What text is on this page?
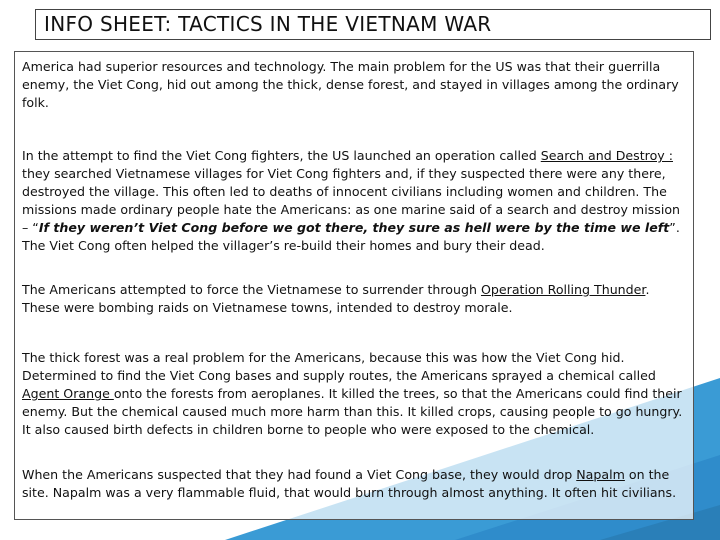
INFO SHEET: TACTICS IN THE VIETNAM WAR

America had superior resources and technology. The main problem for the US was that their guerrilla enemy, the Viet Cong, hid out among the thick, dense forest, and stayed in villages among the ordinary folk.

In the attempt to find the Viet Cong fighters, the US launched an operation called Search and Destroy : they searched Vietnamese villages for Viet Cong fighters and, if they suspected there were any there, destroyed the village. This often led to deaths of innocent civilians including women and children. The missions made ordinary people hate the Americans: as one marine said of a search and destroy mission – “If they weren’t Viet Cong before we got there, they sure as hell were by the time we left”. The Viet Cong often helped the villager’s re-build their homes and bury their dead.

The Americans attempted to force the Vietnamese to surrender through Operation Rolling Thunder. These were bombing raids on Vietnamese towns, intended to destroy morale.

The thick forest was a real problem for the Americans, because this was how the Viet Cong hid. Determined to find the Viet Cong bases and supply routes, the Americans sprayed a chemical called Agent Orange onto the forests from aeroplanes. It killed the trees, so that the Americans could find their enemy. But the chemical caused much more harm than this. It killed crops, causing people to go hungry. It also caused birth defects in children borne to people who were exposed to the chemical.

When the Americans suspected that they had found a Viet Cong base, they would drop Napalm on the site. Napalm was a very flammable fluid, that would burn through almost anything. It often hit civilians.
